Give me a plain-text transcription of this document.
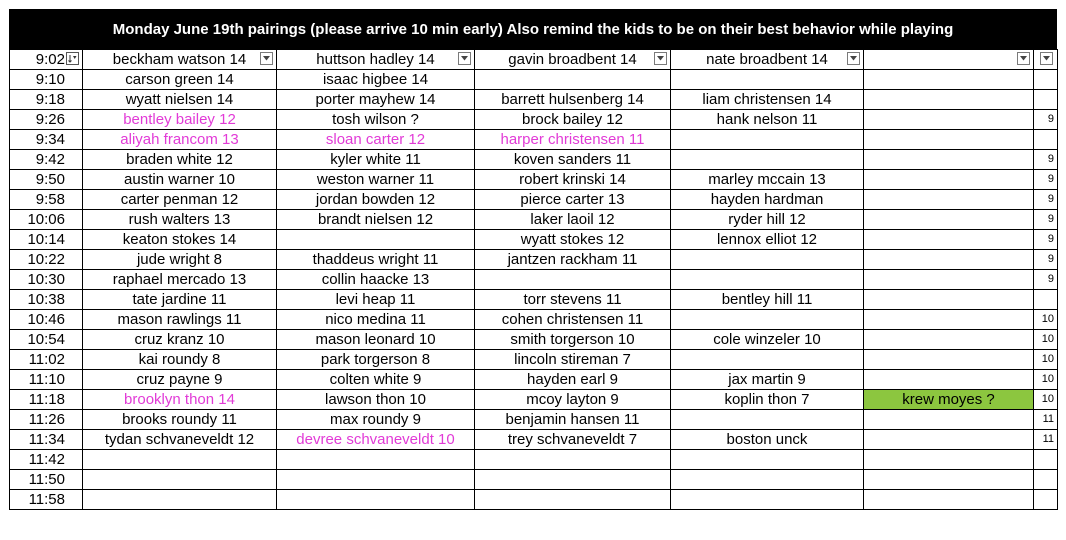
Monday June 19th pairings (please arrive 10 min early) Also remind the kids to be on their best behavior while playing
9:02	beckham watson 14	huttson hadley 14	gavin broadbent 14	nate broadbent 14

9:10	carson green 14	isaac higbee 14				
9:18	wyatt nielsen 14	porter mayhew 14	barrett hulsenberg 14	liam christensen 14		
9:26	bentley bailey 12	tosh wilson ?	brock bailey 12	hank nelson 11		9
9:34	aliyah francom 13	sloan carter 12	harper christensen 11			
9:42	braden white 12	kyler white 11	koven sanders 11			9
9:50	austin warner 10	weston warner 11	robert krinski 14	marley mccain 13		9
9:58	carter penman 12	jordan bowden 12	pierce carter 13	hayden hardman		9
10:06	rush walters 13	brandt nielsen 12	laker laoil 12	ryder hill 12		9
10:14	keaton stokes 14		wyatt stokes 12	lennox elliot 12		9
10:22	jude wright 8	thaddeus wright 11	jantzen rackham 11			9
10:30	raphael mercado 13	collin haacke 13				9
10:38	tate jardine 11	levi heap 11	torr stevens 11	bentley hill 11		
10:46	mason rawlings 11	nico medina 11	cohen christensen 11			10
10:54	cruz kranz 10	mason leonard 10	smith torgerson 10	cole winzeler 10		10
11:02	kai roundy 8	park torgerson 8	lincoln stireman 7			10
11:10	cruz payne 9	colten white 9	hayden earl 9	jax martin 9		10
11:18	brooklyn thon 14	lawson thon 10	mcoy layton 9	koplin thon 7	krew moyes ?	10
11:26	brooks roundy 11	max roundy 9	benjamin hansen 11			11
11:34	tydan schvaneveldt 12	devree schvaneveldt 10	trey schvaneveldt 7	boston unck		11
11:42						
11:50						
11:58						
